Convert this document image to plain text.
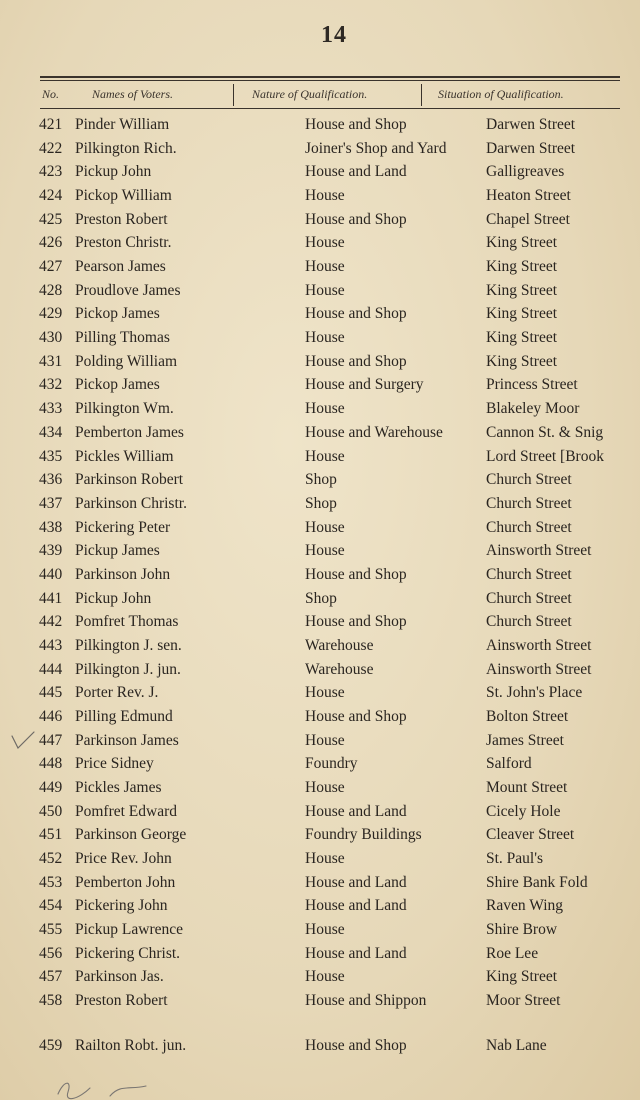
14
No.	Names of Voters.	Nature of Qualification.	Situation of Qualification.
421 Pinder William	House and Shop	Darwen Street
422 Pilkington Rich.	Joiner's Shop and Yard	Darwen Street
423 Pickup John	House and Land	Galligreaves
424 Pickop William	House	Heaton Street
425 Preston Robert	House and Shop	Chapel Street
426 Preston Christr.	House	King Street
427 Pearson James	House	King Street
428 Proudlove James	House	King Street
429 Pickop James	House and Shop	King Street
430 Pilling Thomas	House	King Street
431 Polding William	House and Shop	King Street
432 Pickop James	House and Surgery	Princess Street
433 Pilkington Wm.	House	Blakeley Moor
434 Pemberton James	House and Warehouse	Cannon St. & Snig
435 Pickles William	House	Lord Street [Brook
436 Parkinson Robert	Shop	Church Street
437 Parkinson Christr.	Shop	Church Street
438 Pickering Peter	House	Church Street
439 Pickup James	House	Ainsworth Street
440 Parkinson John	House and Shop	Church Street
441 Pickup John	Shop	Church Street
442 Pomfret Thomas	House and Shop	Church Street
443 Pilkington J. sen.	Warehouse	Ainsworth Street
444 Pilkington J. jun.	Warehouse	Ainsworth Street
445 Porter Rev. J.	House	St. John's Place
446 Pilling Edmund	House and Shop	Bolton Street
447 Parkinson James	House	James Street
448 Price Sidney	Foundry	Salford
449 Pickles James	House	Mount Street
450 Pomfret Edward	House and Land	Cicely Hole
451 Parkinson George	Foundry Buildings	Cleaver Street
452 Price Rev. John	House	St. Paul's
453 Pemberton John	House and Land	Shire Bank Fold
454 Pickering John	House and Land	Raven Wing
455 Pickup Lawrence	House	Shire Brow
456 Pickering Christ.	House and Land	Roe Lee
457 Parkinson Jas.	House	King Street
458 Preston Robert	House and Shippon	Moor Street
459 Railton Robt. jun.	House and Shop	Nab Lane
